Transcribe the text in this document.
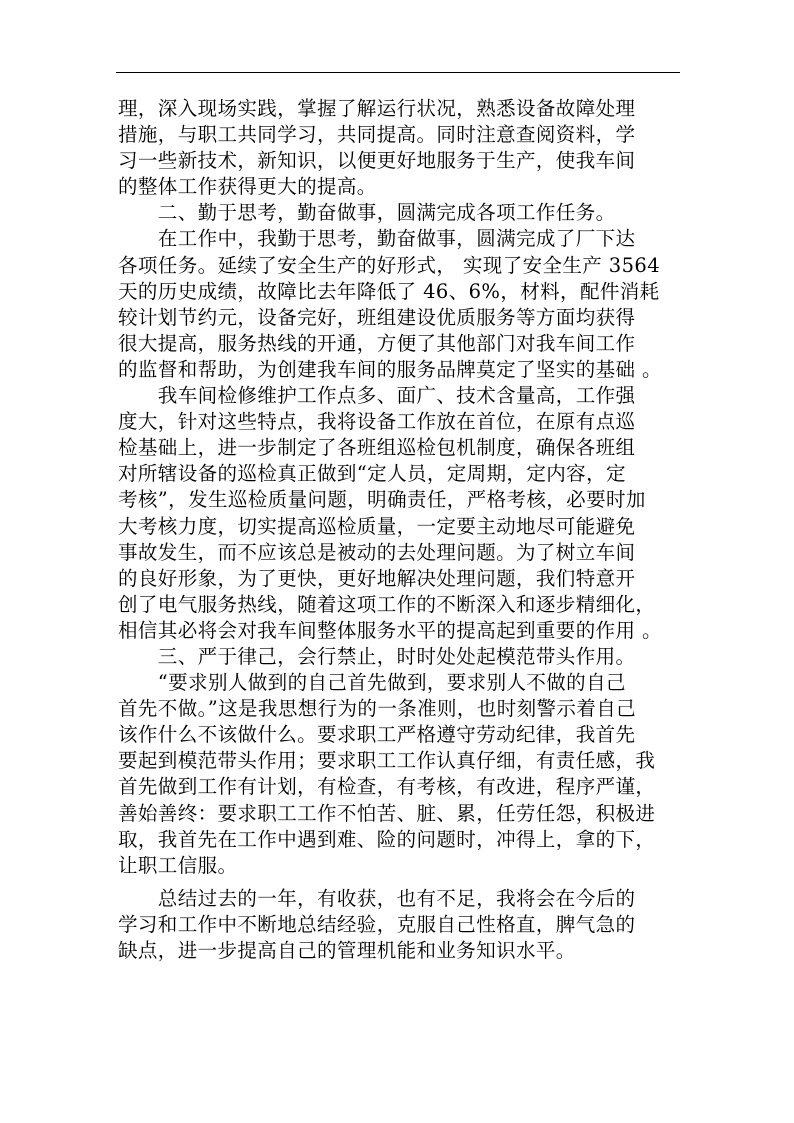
理，深入现场实践，掌握了解运行状况，熟悉设备故障处理
措施，与职工共同学习，共同提高。同时注意查阅资料，学
习一些新技术，新知识，以便更好地服务于生产，使我车间
的整体工作获得更大的提高。
　　二、勤于思考，勤奋做事，圆满完成各项工作任务。
　　在工作中，我勤于思考，勤奋做事，圆满完成了厂下达
各项任务。延续了安全生产的好形式， 实现了安全生产 3564
天的历史成绩，故障比去年降低了 46、6%，材料，配件消耗
较计划节约元，设备完好，班组建设优质服务等方面均获得
很大提高，服务热线的开通，方便了其他部门对我车间工作
的监督和帮助，为创建我车间的服务品牌莫定了坚实的基础 。
　　我车间检修维护工作点多、面广、技术含量高，工作强
度大，针对这些特点，我将设备工作放在首位，在原有点巡
检基础上，进一步制定了各班组巡检包机制度，确保各班组
对所辖设备的巡检真正做到“定人员，定周期，定内容，定
考核”，发生巡检质量问题，明确责任，严格考核，必要时加
大考核力度，切实提高巡检质量，一定要主动地尽可能避免
事故发生，而不应该总是被动的去处理问题。为了树立车间
的良好形象，为了更快，更好地解决处理问题，我们特意开
创了电气服务热线，随着这项工作的不断深入和逐步精细化，
相信其必将会对我车间整体服务水平的提高起到重要的作用 。
　　三、严于律己，会行禁止，时时处处起模范带头作用。
　　“要求别人做到的自己首先做到，要求别人不做的自己
首先不做。”这是我思想行为的一条准则，也时刻警示着自己
该作什么不该做什么。要求职工严格遵守劳动纪律，我首先
要起到模范带头作用；要求职工工作认真仔细，有责任感，我
首先做到工作有计划，有检查，有考核，有改进，程序严谨，
善始善终：要求职工工作不怕苦、脏、累，任劳任怨，积极进
取，我首先在工作中遇到难、险的问题时，冲得上，拿的下，
让职工信服。
　　总结过去的一年，有收获，也有不足，我将会在今后的
学习和工作中不断地总结经验，克服自己性格直，脾气急的
缺点，进一步提高自己的管理机能和业务知识水平。
